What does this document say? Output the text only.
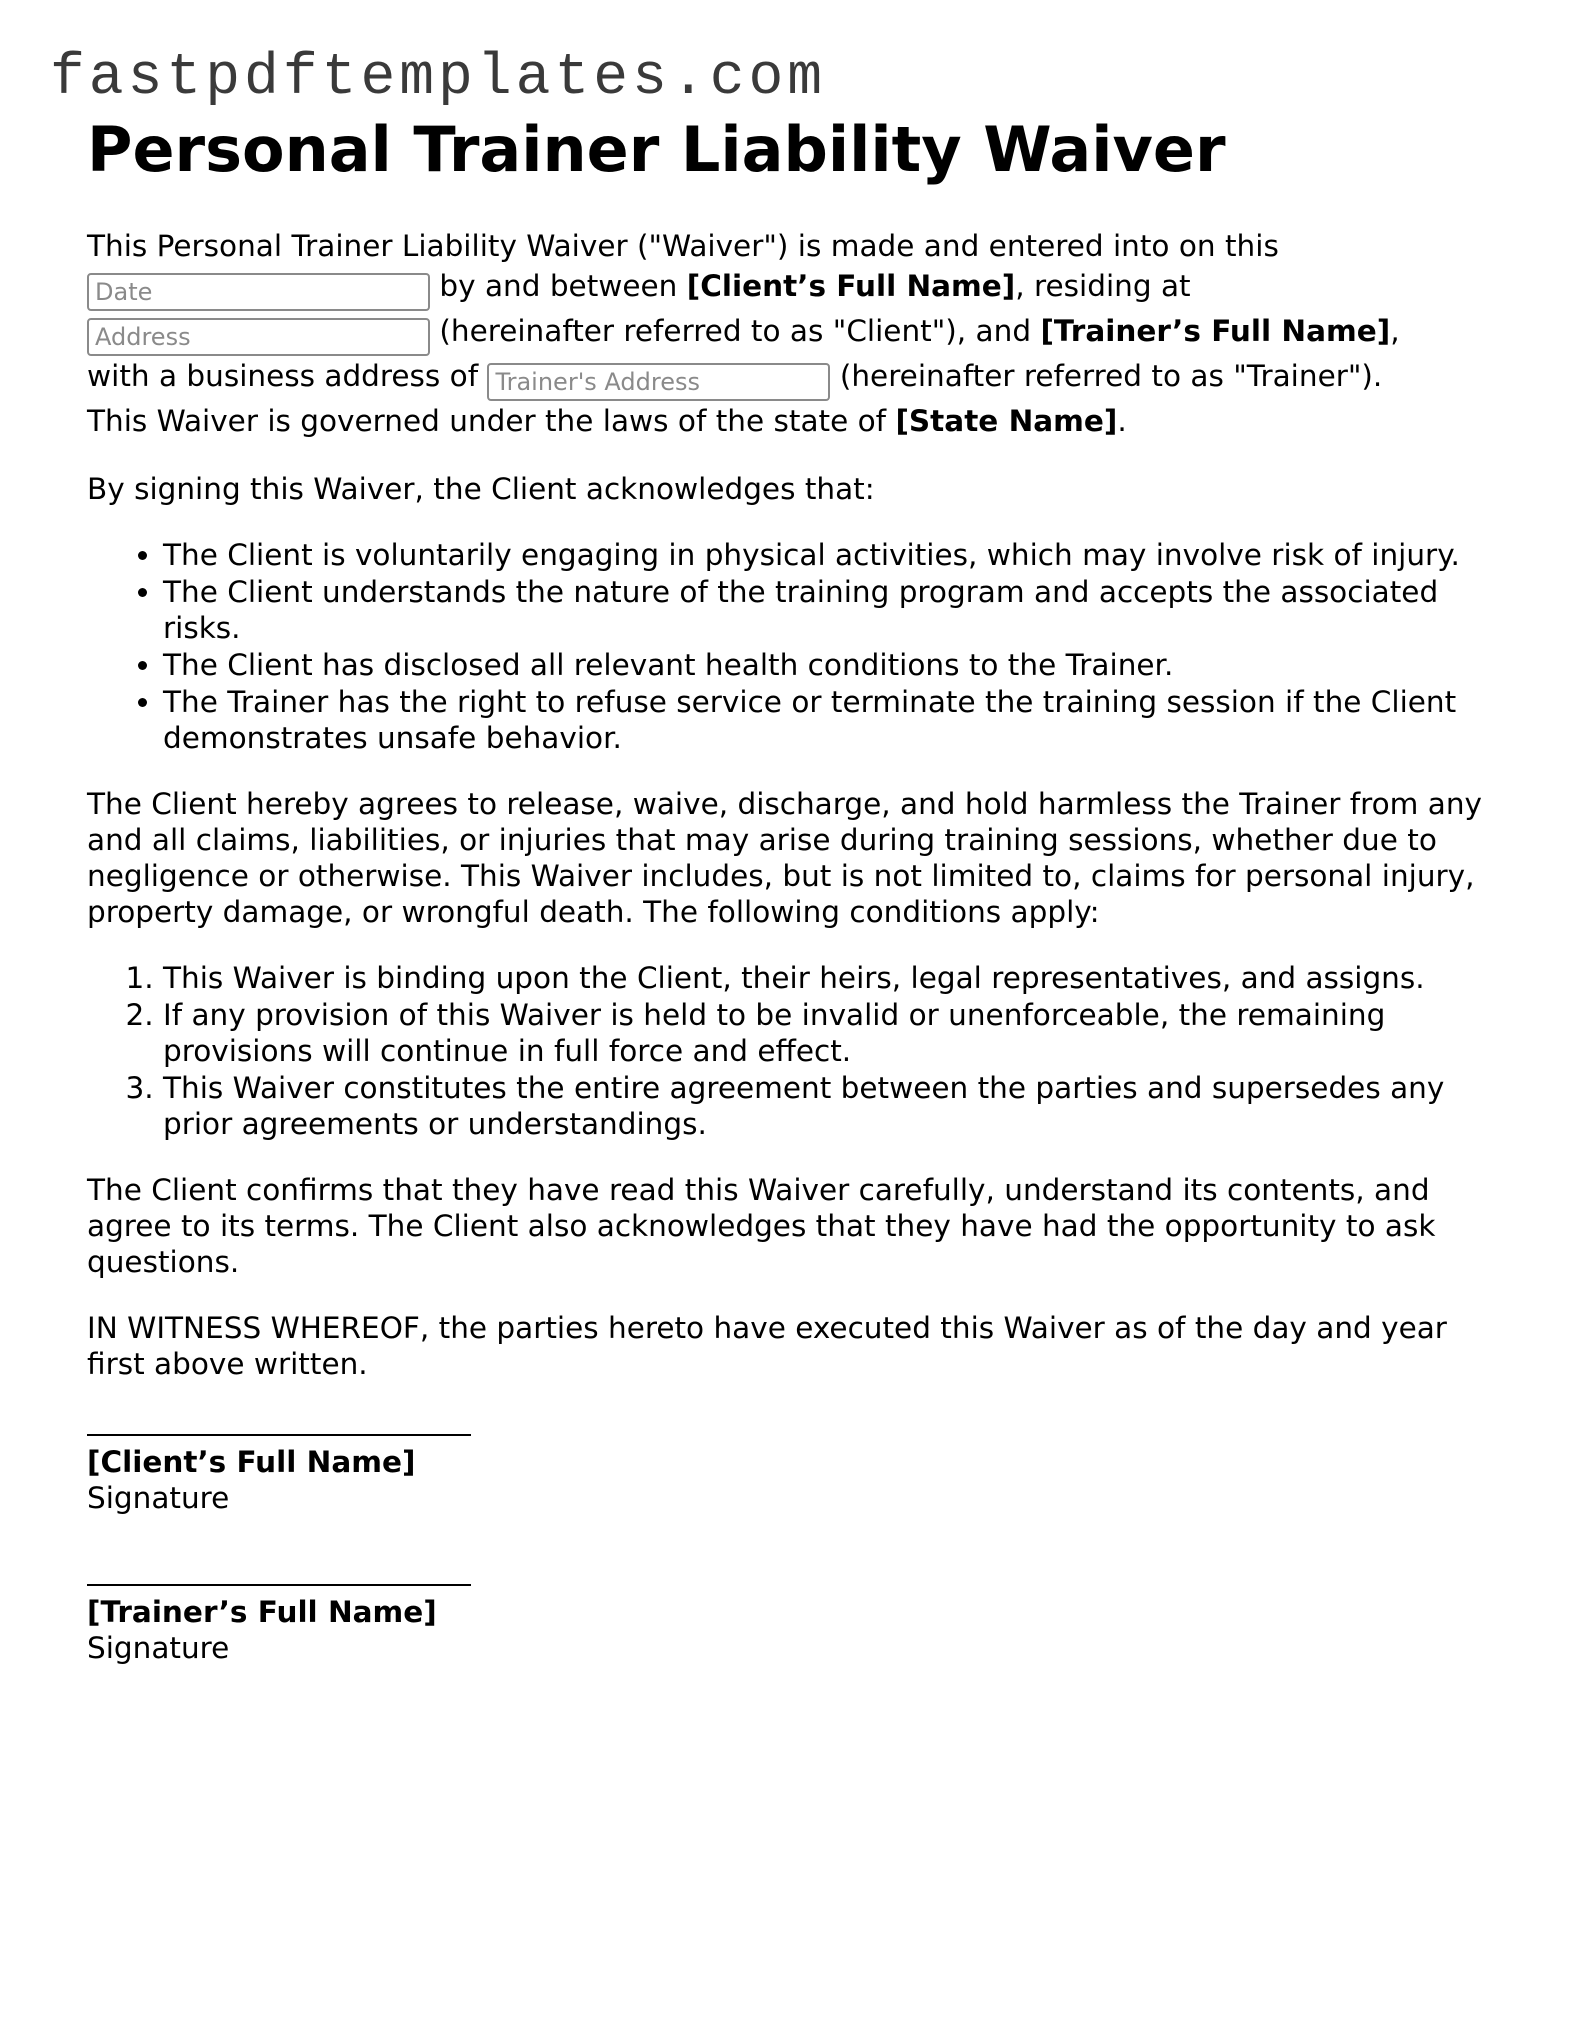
fastpdftemplates.com
Personal Trainer Liability Waiver

This Personal Trainer Liability Waiver ("Waiver") is made and entered into on this
Date	by and between [Client’s Full Name], residing at
Address	(hereinafter referred to as "Client"), and [Trainer’s Full Name],
with a business address of Trainer's Address	(hereinafter referred to as "Trainer").
This Waiver is governed under the laws of the state of [State Name].

By signing this Waiver, the Client acknowledges that:

• The Client is voluntarily engaging in physical activities, which may involve risk of injury.
• The Client understands the nature of the training program and accepts the associated risks.
• The Client has disclosed all relevant health conditions to the Trainer.
• The Trainer has the right to refuse service or terminate the training session if the Client demonstrates unsafe behavior.

The Client hereby agrees to release, waive, discharge, and hold harmless the Trainer from any and all claims, liabilities, or injuries that may arise during training sessions, whether due to negligence or otherwise. This Waiver includes, but is not limited to, claims for personal injury, property damage, or wrongful death. The following conditions apply:

1. This Waiver is binding upon the Client, their heirs, legal representatives, and assigns.
2. If any provision of this Waiver is held to be invalid or unenforceable, the remaining provisions will continue in full force and effect.
3. This Waiver constitutes the entire agreement between the parties and supersedes any prior agreements or understandings.

The Client confirms that they have read this Waiver carefully, understand its contents, and agree to its terms. The Client also acknowledges that they have had the opportunity to ask questions.

IN WITNESS WHEREOF, the parties hereto have executed this Waiver as of the day and year first above written.

[Client’s Full Name]
Signature
[Trainer’s Full Name]
Signature
